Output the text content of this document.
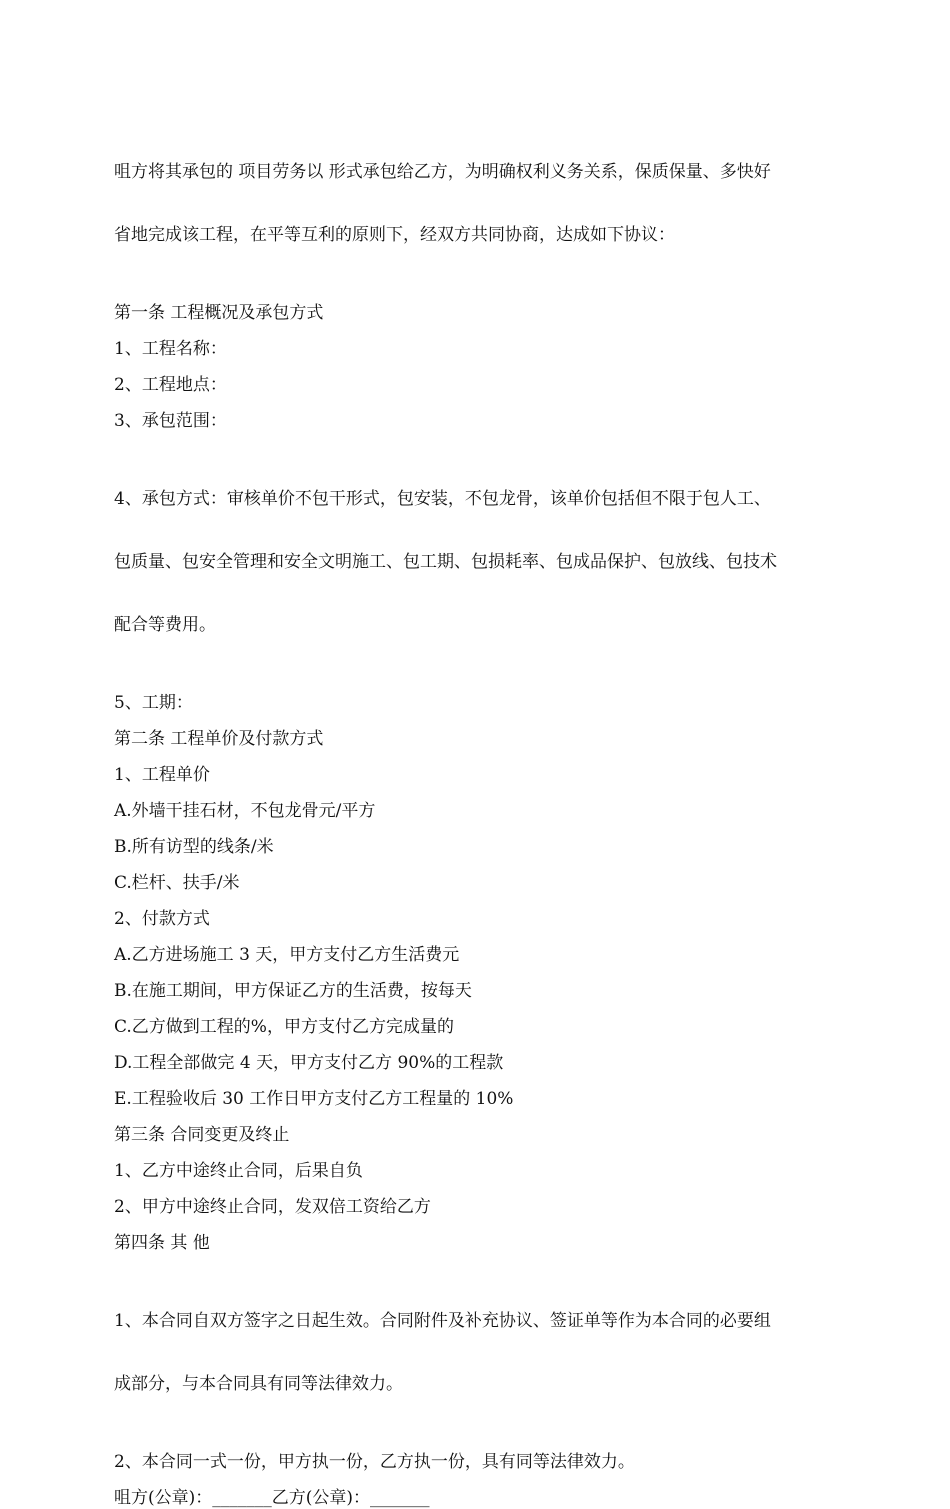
咀方将其承包的 项目劳务以 形式承包给乙方，为明确权利义务关系，保质保量、多快好

省地完成该工程，在平等互利的原则下，经双方共同协商，达成如下协议：

第一条 工程概况及承包方式

1、工程名称：

2、工程地点：

3、承包范围：

4、承包方式：审核单价不包干形式，包安装，不包龙骨，该单价包括但不限于包人工、

包质量、包安全管理和安全文明施工、包工期、包损耗率、包成品保护、包放线、包技术

配合等费用。

5、工期：

第二条 工程单价及付款方式

1、工程单价

A.外墙干挂石材，不包龙骨元/平方

B.所有访型的线条/米

C.栏杆、扶手/米

2、付款方式

A.乙方进场施工 3 天，甲方支付乙方生活费元

B.在施工期间，甲方保证乙方的生活费，按每天

C.乙方做到工程的%，甲方支付乙方完成量的

D.工程全部做完 4 天，甲方支付乙方 90%的工程款

E.工程验收后 30 工作日甲方支付乙方工程量的 10%

第三条 合同变更及终止

1、乙方中途终止合同，后果自负

2、甲方中途终止合同，发双倍工资给乙方

第四条 其 他

1、本合同自双方签字之日起生效。合同附件及补充协议、签证单等作为本合同的必要组

成部分，与本合同具有同等法律效力。

2、本合同一式一份，甲方执一份，乙方执一份，具有同等法律效力。

咀方(公章)：_______乙方(公章)：_______
